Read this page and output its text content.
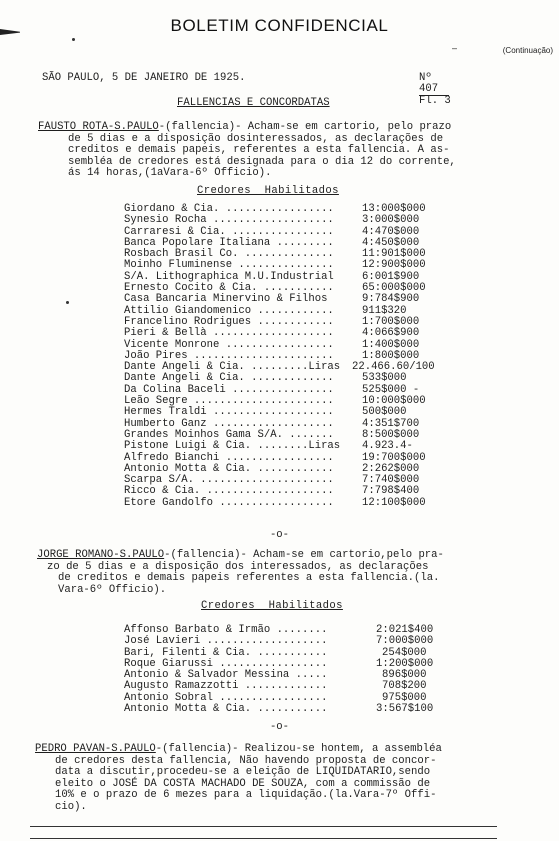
BOLETIM CONFIDENCIAL
–	(Continuação)
SÃO PAULO, 5 DE JANEIRO DE 1925.	Nº 407
Fl. 3
FALLENCIAS E CONCORDATAS
FAUSTO ROTA-S.PAULO-(fallencia)- Acham-se em cartorio, pelo prazo
de 5 dias e a disposição dosinteressados, as declarações de
creditos e demais papeis, referentes a esta fallencia. A as-
sembléa de credores está designada para o dia 12 do corrente,
ás 14 horas,(1aVara-6º Officio).
Credores  Habilitados
Giordano & Cia. .................	13:000$000
Synesio Rocha ...................	3:000$000
Carraresi & Cia. ................	4:470$000
Banca Popolare Italiana .........	4:450$000
Rosbach Brasil Co. ..............	11:901$000
Moinho Fluminense ...............	12:900$000
S/A. Lithographica M.U.Industrial	6:001$900
Ernesto Cocito & Cia. ...........	65:000$000
Casa Bancaria Minervino & Filhos	9:784$900
Attilio Giandomenico ............	911$320
Francelino Rodrigues ............	1:700$000
Pieri & Bellà ...................	4:066$900
Vicente Monrone .................	1:400$000
João Pires ......................	1:800$000
Dante Angeli & Cia. .........Liras 22.466.60/100
Dante Angeli & Cia. .............	533$000
Da Colina Baceli ................	525$000 -
Leão Segre ......................	10:000$000
Hermes Traldi ...................	500$000
Humberto Ganz ...................	4:351$700
Grandes Moinhos Gama S/A. .......	8:500$000
Pistone Luigi & Cia. ........Liras 4.923.4-
Alfredo Bianchi .................	19:700$000
Antonio Motta & Cia. ............	2:262$000
Scarpa S/A. .....................	7:740$000
Ricco & Cia. ....................	7:798$400
Etore Gandolfo ..................	12:100$000
-o-
JORGE ROMANO-S.PAULO-(fallencia)- Acham-se em cartorio,pelo pra-
zo de 5 dias e a disposição dos interessados, as declarações
de creditos e demais papeis referentes a esta fallencia.(la.
Vara-6º Officio).
Credores  Habilitados
Affonso Barbato & Irmão ........	2:021$400
José Lavieri ...................	7:000$000
Bari, Filenti & Cia. ...........	254$000
Roque Giarussi .................	1:200$000
Antonio & Salvador Messina .....	896$000
Augusto Ramazzotti .............	708$200
Antonio Sobral .................	975$000
Antonio Motta & Cia. ...........	3:567$100
-o-
PEDRO PAVAN-S.PAULO-(fallencia)- Realizou-se hontem, a assembléa
de credores desta fallencia, Não havendo proposta de concor-
data a discutir,procedeu-se a eleição de LIQUIDATARIO,sendo
eleito o JOSÉ DA COSTA MACHADO DE SOUZA, com a commissão de
10% e o prazo de 6 mezes para a liquidação.(la.Vara-7º Offi-
cio).
